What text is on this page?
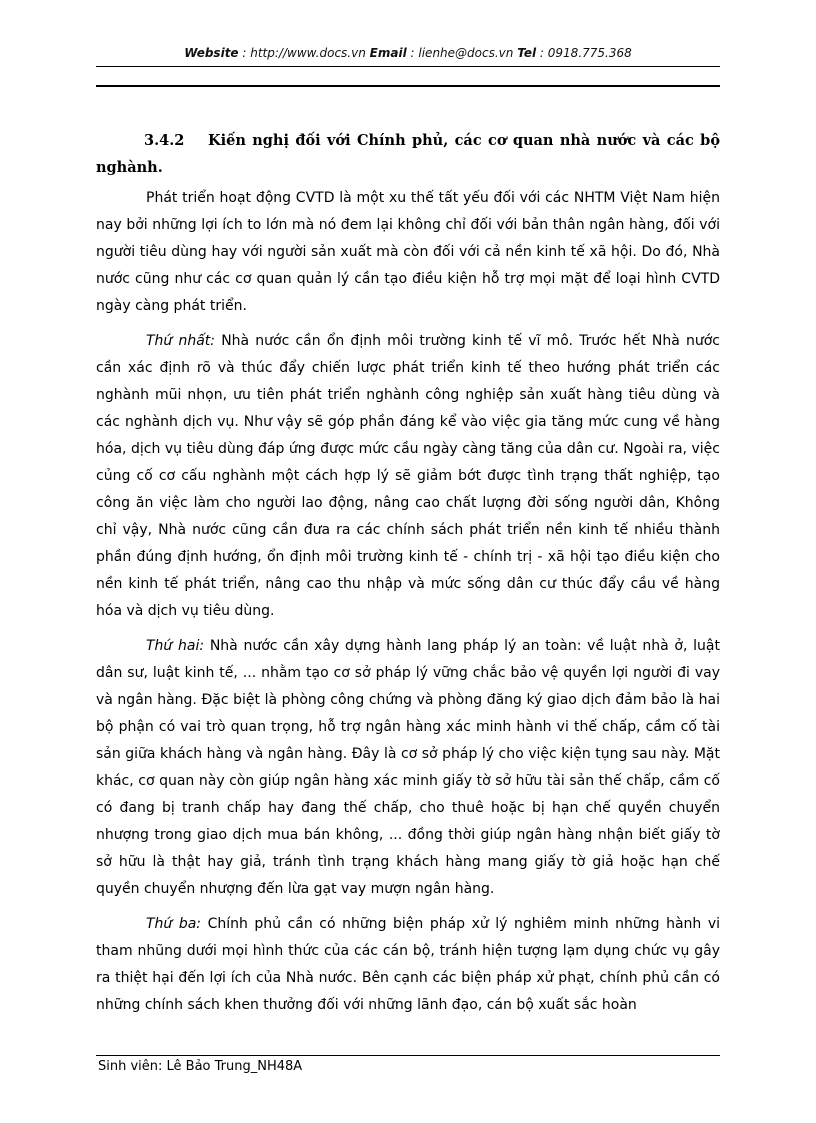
Website : http://www.docs.vn Email : lienhe@docs.vn Tel : 0918.775.368

3.4.2 Kiến nghị đối với Chính phủ, các cơ quan nhà nước và các bộ nghành.

Phát triển hoạt động CVTD là một xu thế tất yếu đối với các NHTM Việt Nam hiện nay bởi những lợi ích to lớn mà nó đem lại không chỉ đối với bản thân ngân hàng, đối với người tiêu dùng hay với người sản xuất mà còn đối với cả nền kinh tế xã hội. Do đó, Nhà nước cũng như các cơ quan quản lý cần tạo điều kiện hỗ trợ mọi mặt để loại hình CVTD ngày càng phát triển.

Thứ nhất: Nhà nước cần ổn định môi trường kinh tế vĩ mô. Trước hết Nhà nước cần xác định rõ và thúc đẩy chiến lược phát triển kinh tế theo hướng phát triển các nghành mũi nhọn, ưu tiên phát triển nghành công nghiệp sản xuất hàng tiêu dùng và các nghành dịch vụ. Như vậy sẽ góp phần đáng kể vào việc gia tăng mức cung về hàng hóa, dịch vụ tiêu dùng đáp ứng được mức cầu ngày càng tăng của dân cư. Ngoài ra, việc củng cố cơ cấu nghành một cách hợp lý sẽ giảm bớt được tình trạng thất nghiệp, tạo công ăn việc làm cho người lao động, nâng cao chất lượng đời sống người dân, Không chỉ vậy, Nhà nước cũng cần đưa ra các chính sách phát triển nền kinh tế nhiều thành phần đúng định hướng, ổn định môi trường kinh tế - chính trị - xã hội tạo điều kiện cho nền kinh tế phát triển, nâng cao thu nhập và mức sống dân cư thúc đẩy cầu về hàng hóa và dịch vụ tiêu dùng.

Thứ hai: Nhà nước cần xây dựng hành lang pháp lý an toàn: về luật nhà ở, luật dân sư, luật kinh tế, ... nhằm tạo cơ sở pháp lý vững chắc bảo vệ quyền lợi người đi vay và ngân hàng. Đặc biệt là phòng công chứng và phòng đăng ký giao dịch đảm bảo là hai bộ phận có vai trò quan trọng, hỗ trợ ngân hàng xác minh hành vi thế chấp, cầm cố tài sản giữa khách hàng và ngân hàng. Đây là cơ sở pháp lý cho việc kiện tụng sau này. Mặt khác, cơ quan này còn giúp ngân hàng xác minh giấy tờ sở hữu tài sản thế chấp, cầm cố có đang bị tranh chấp hay đang thế chấp, cho thuê hoặc bị hạn chế quyền chuyển nhượng trong giao dịch mua bán không, ... đồng thời giúp ngân hàng nhận biết giấy tờ sở hữu là thật hay giả, tránh tình trạng khách hàng mang giấy tờ giả hoặc hạn chế quyền chuyển nhượng đến lừa gạt vay mượn ngân hàng.

Thứ ba: Chính phủ cần có những biện pháp xử lý nghiêm minh những hành vi tham nhũng dưới mọi hình thức của các cán bộ, tránh hiện tượng lạm dụng chức vụ gây ra thiệt hại đến lợi ích của Nhà nước. Bên cạnh các biện pháp xử phạt, chính phủ cần có những chính sách khen thưởng đối với những lãnh đạo, cán bộ xuất sắc hoàn

Sinh viên: Lê Bảo Trung_NH48A
